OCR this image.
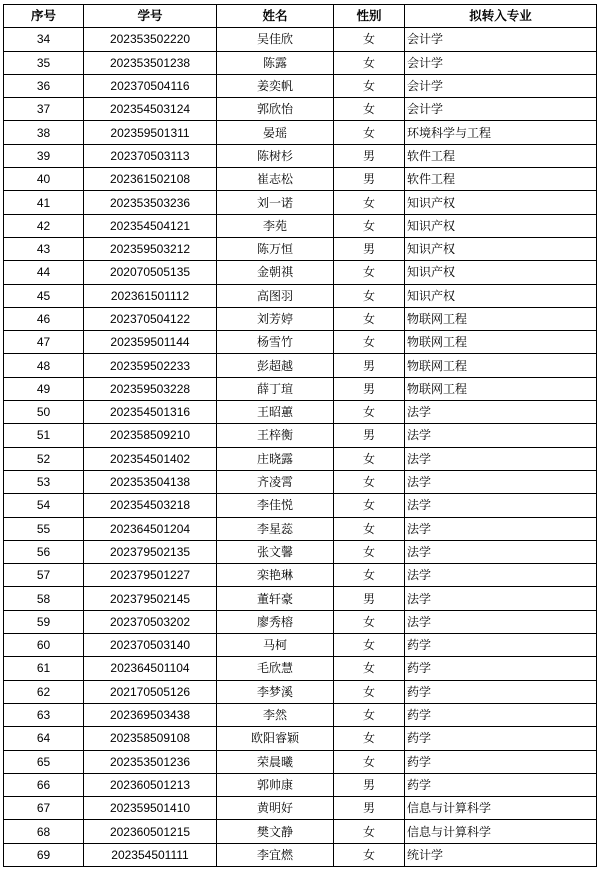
序号	学号	姓名	性别	拟转入专业
34	202353502220	吴佳欣	女	会计学
35	202353501238	陈露	女	会计学
36	202370504116	姜奕帆	女	会计学
37	202354503124	郭欣怡	女	会计学
38	202359501311	晏瑶	女	环境科学与工程
39	202370503113	陈树杉	男	软件工程
40	202361502108	崔志松	男	软件工程
41	202353503236	刘一诺	女	知识产权
42	202354504121	李苑	女	知识产权
43	202359503212	陈万恒	男	知识产权
44	202070505135	金朝祺	女	知识产权
45	202361501112	高图羽	女	知识产权
46	202370504122	刘芳婷	女	物联网工程
47	202359501144	杨雪竹	女	物联网工程
48	202359502233	彭超越	男	物联网工程
49	202359503228	薛丁瑄	男	物联网工程
50	202354501316	王昭蕙	女	法学
51	202358509210	王梓衡	男	法学
52	202354501402	庄晓露	女	法学
53	202353504138	齐凌霄	女	法学
54	202354503218	李佳悦	女	法学
55	202364501204	李星蕊	女	法学
56	202379502135	张文馨	女	法学
57	202379501227	栾艳琳	女	法学
58	202379502145	董轩豪	男	法学
59	202370503202	廖秀榕	女	法学
60	202370503140	马柯	女	药学
61	202364501104	毛欣慧	女	药学
62	202170505126	李梦溪	女	药学
63	202369503438	李然	女	药学
64	202358509108	欧阳睿颖	女	药学
65	202353501236	荣晨曦	女	药学
66	202360501213	郭帅康	男	药学
67	202359501410	黄明好	男	信息与计算科学
68	202360501215	樊文静	女	信息与计算科学
69	202354501111	李宜燃	女	统计学
